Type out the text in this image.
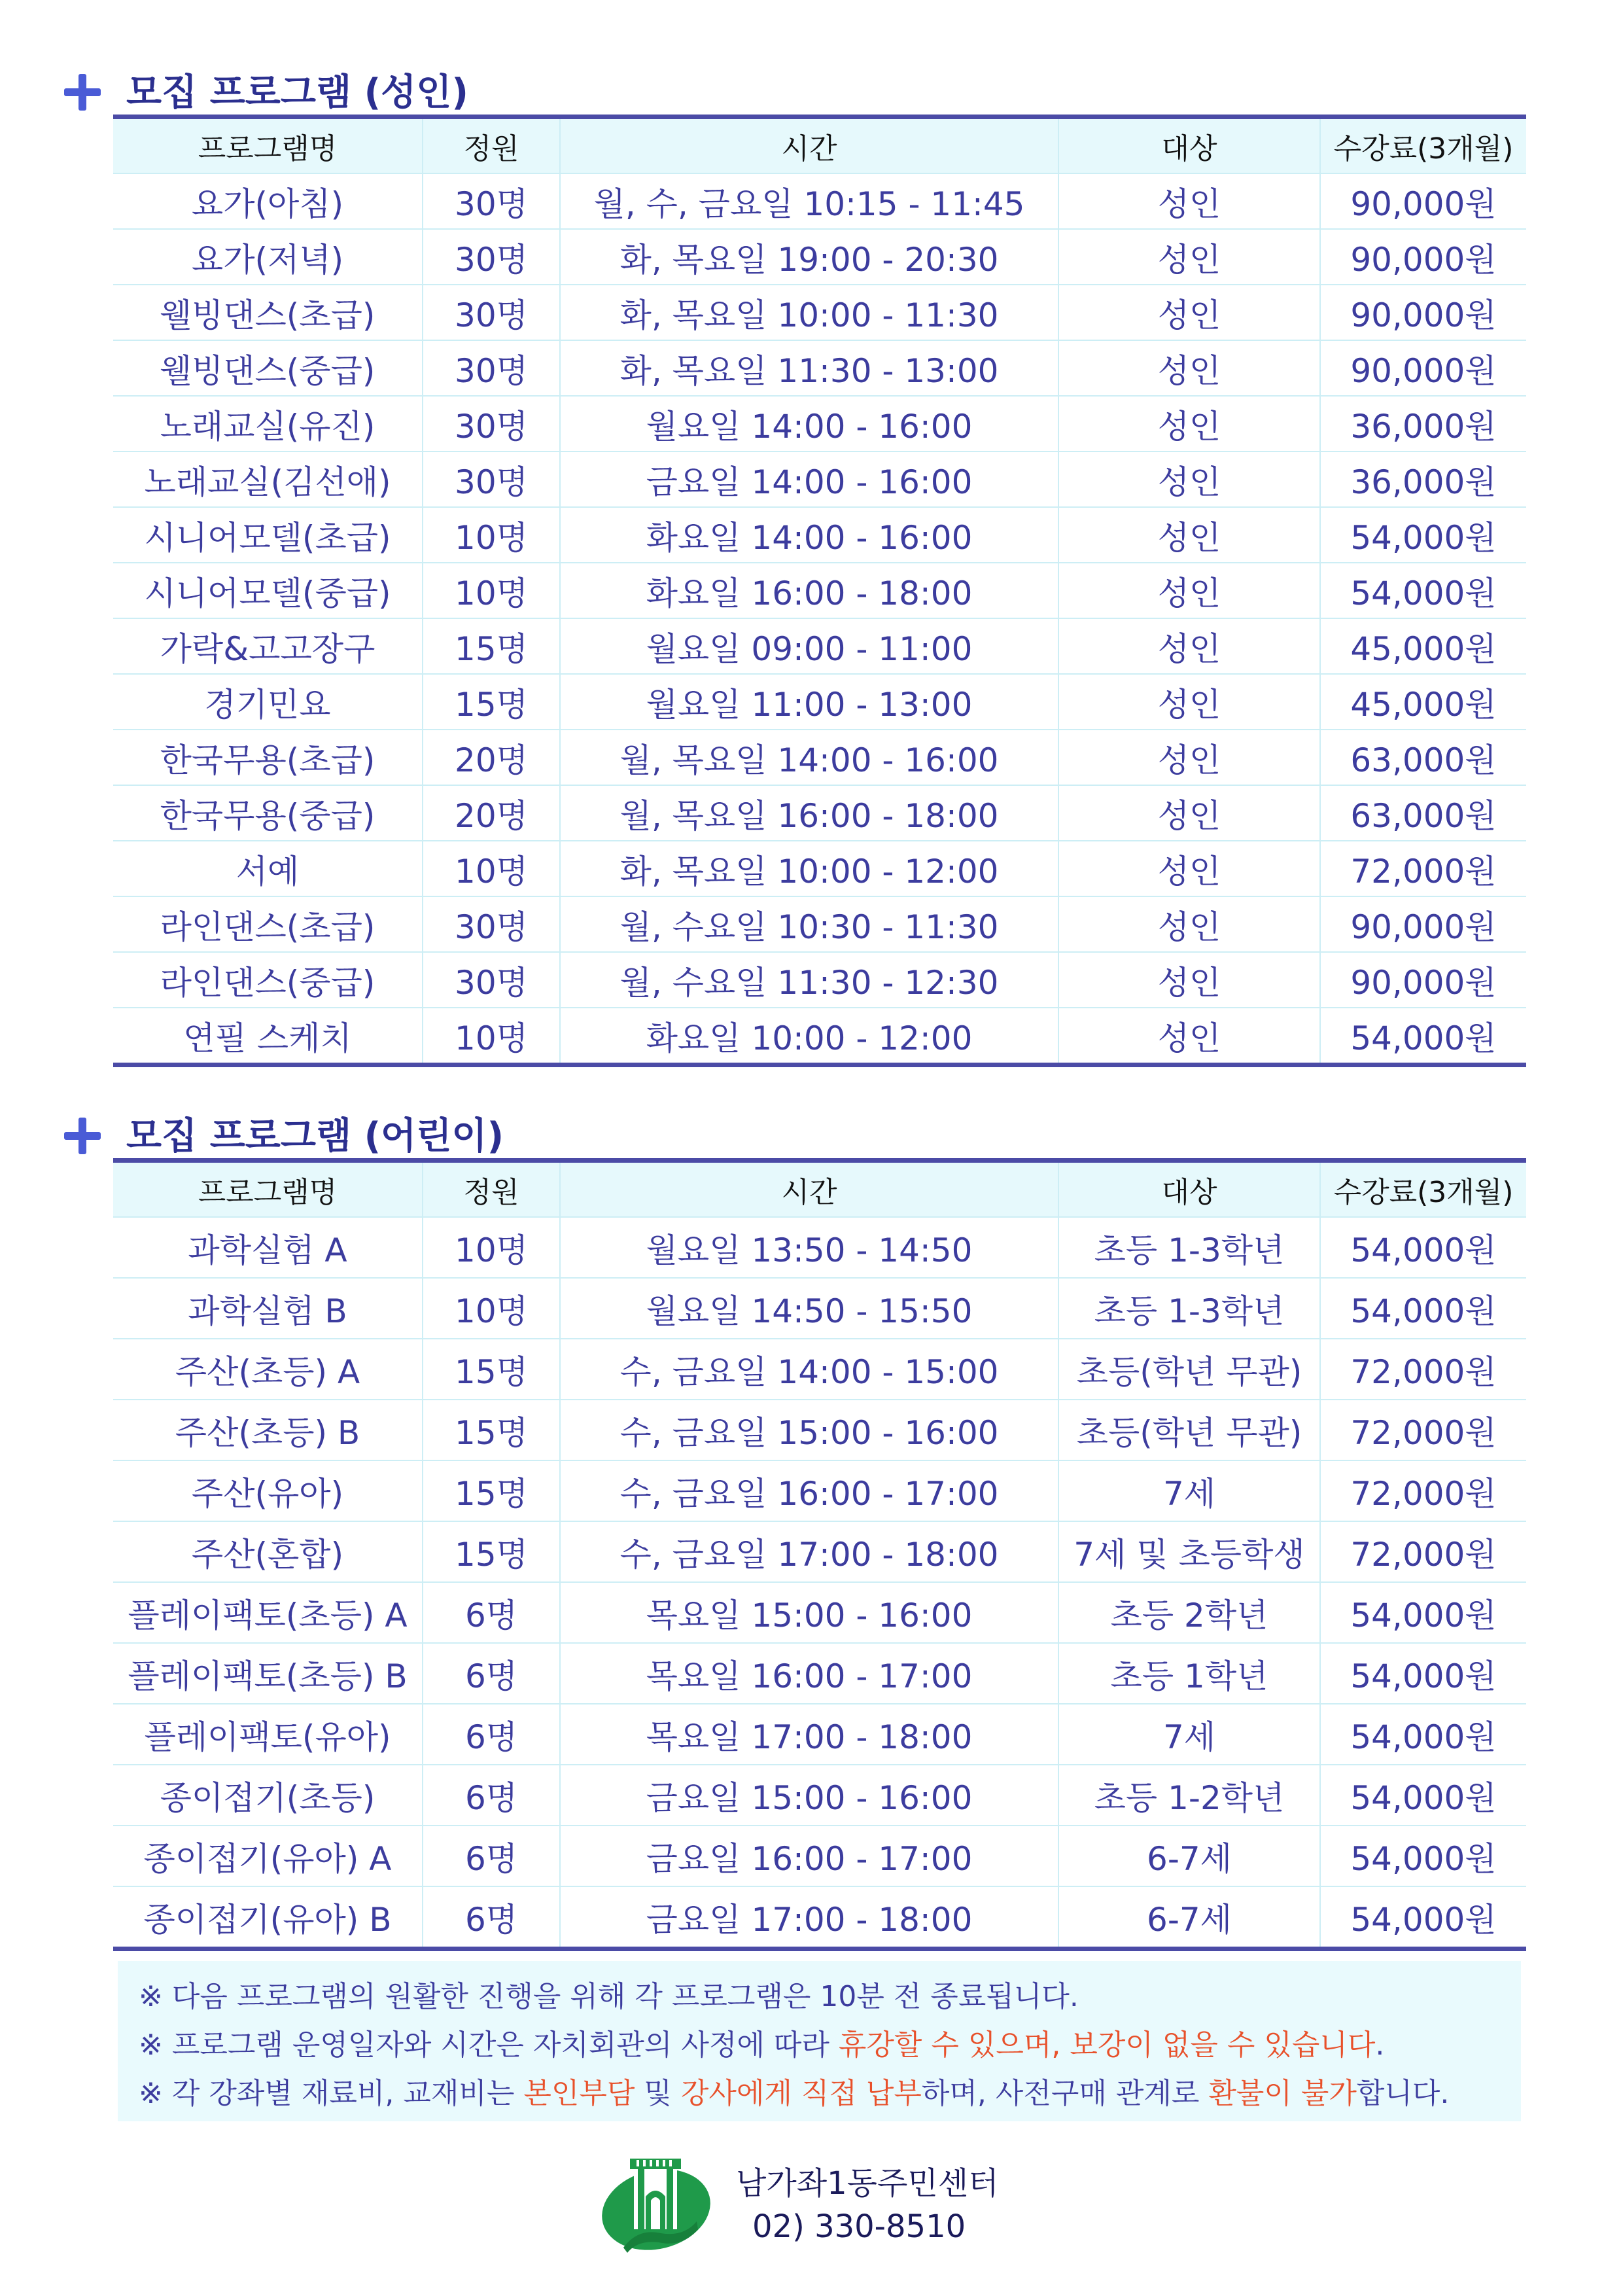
모집 프로그램 (성인)
프로그램명	정원	시간	대상	수강료(3개월)
요가(아침)	30명	월, 수, 금요일 10:15 - 11:45	성인	90,000원
요가(저녁)	30명	화, 목요일 19:00 - 20:30	성인	90,000원
웰빙댄스(초급)	30명	화, 목요일 10:00 - 11:30	성인	90,000원
웰빙댄스(중급)	30명	화, 목요일 11:30 - 13:00	성인	90,000원
노래교실(유진)	30명	월요일 14:00 - 16:00	성인	36,000원
노래교실(김선애)	30명	금요일 14:00 - 16:00	성인	36,000원
시니어모델(초급)	10명	화요일 14:00 - 16:00	성인	54,000원
시니어모델(중급)	10명	화요일 16:00 - 18:00	성인	54,000원
가락&고고장구	15명	월요일 09:00 - 11:00	성인	45,000원
경기민요	15명	월요일 11:00 - 13:00	성인	45,000원
한국무용(초급)	20명	월, 목요일 14:00 - 16:00	성인	63,000원
한국무용(중급)	20명	월, 목요일 16:00 - 18:00	성인	63,000원
서예	10명	화, 목요일 10:00 - 12:00	성인	72,000원
라인댄스(초급)	30명	월, 수요일 10:30 - 11:30	성인	90,000원
라인댄스(중급)	30명	월, 수요일 11:30 - 12:30	성인	90,000원
연필 스케치	10명	화요일 10:00 - 12:00	성인	54,000원
모집 프로그램 (어린이)
프로그램명	정원	시간	대상	수강료(3개월)
과학실험 A	10명	월요일 13:50 - 14:50	초등 1-3학년	54,000원
과학실험 B	10명	월요일 14:50 - 15:50	초등 1-3학년	54,000원
주산(초등) A	15명	수, 금요일 14:00 - 15:00	초등(학년 무관)	72,000원
주산(초등) B	15명	수, 금요일 15:00 - 16:00	초등(학년 무관)	72,000원
주산(유아)	15명	수, 금요일 16:00 - 17:00	7세	72,000원
주산(혼합)	15명	수, 금요일 17:00 - 18:00	7세 및 초등학생	72,000원
플레이팩토(초등) A	6명	목요일 15:00 - 16:00	초등 2학년	54,000원
플레이팩토(초등) B	6명	목요일 16:00 - 17:00	초등 1학년	54,000원
플레이팩토(유아)	6명	목요일 17:00 - 18:00	7세	54,000원
종이접기(초등)	6명	금요일 15:00 - 16:00	초등 1-2학년	54,000원
종이접기(유아) A	6명	금요일 16:00 - 17:00	6-7세	54,000원
종이접기(유아) B	6명	금요일 17:00 - 18:00	6-7세	54,000원
※ 다음 프로그램의 원활한 진행을 위해 각 프로그램은 10분 전 종료됩니다.
※ 프로그램 운영일자와 시간은 자치회관의 사정에 따라 휴강할 수 있으며, 보강이 없을 수 있습니다.
※ 각 강좌별 재료비, 교재비는 본인부담 및 강사에게 직접 납부하며, 사전구매 관계로 환불이 불가합니다.
남가좌1동주민센터
02) 330-8510
